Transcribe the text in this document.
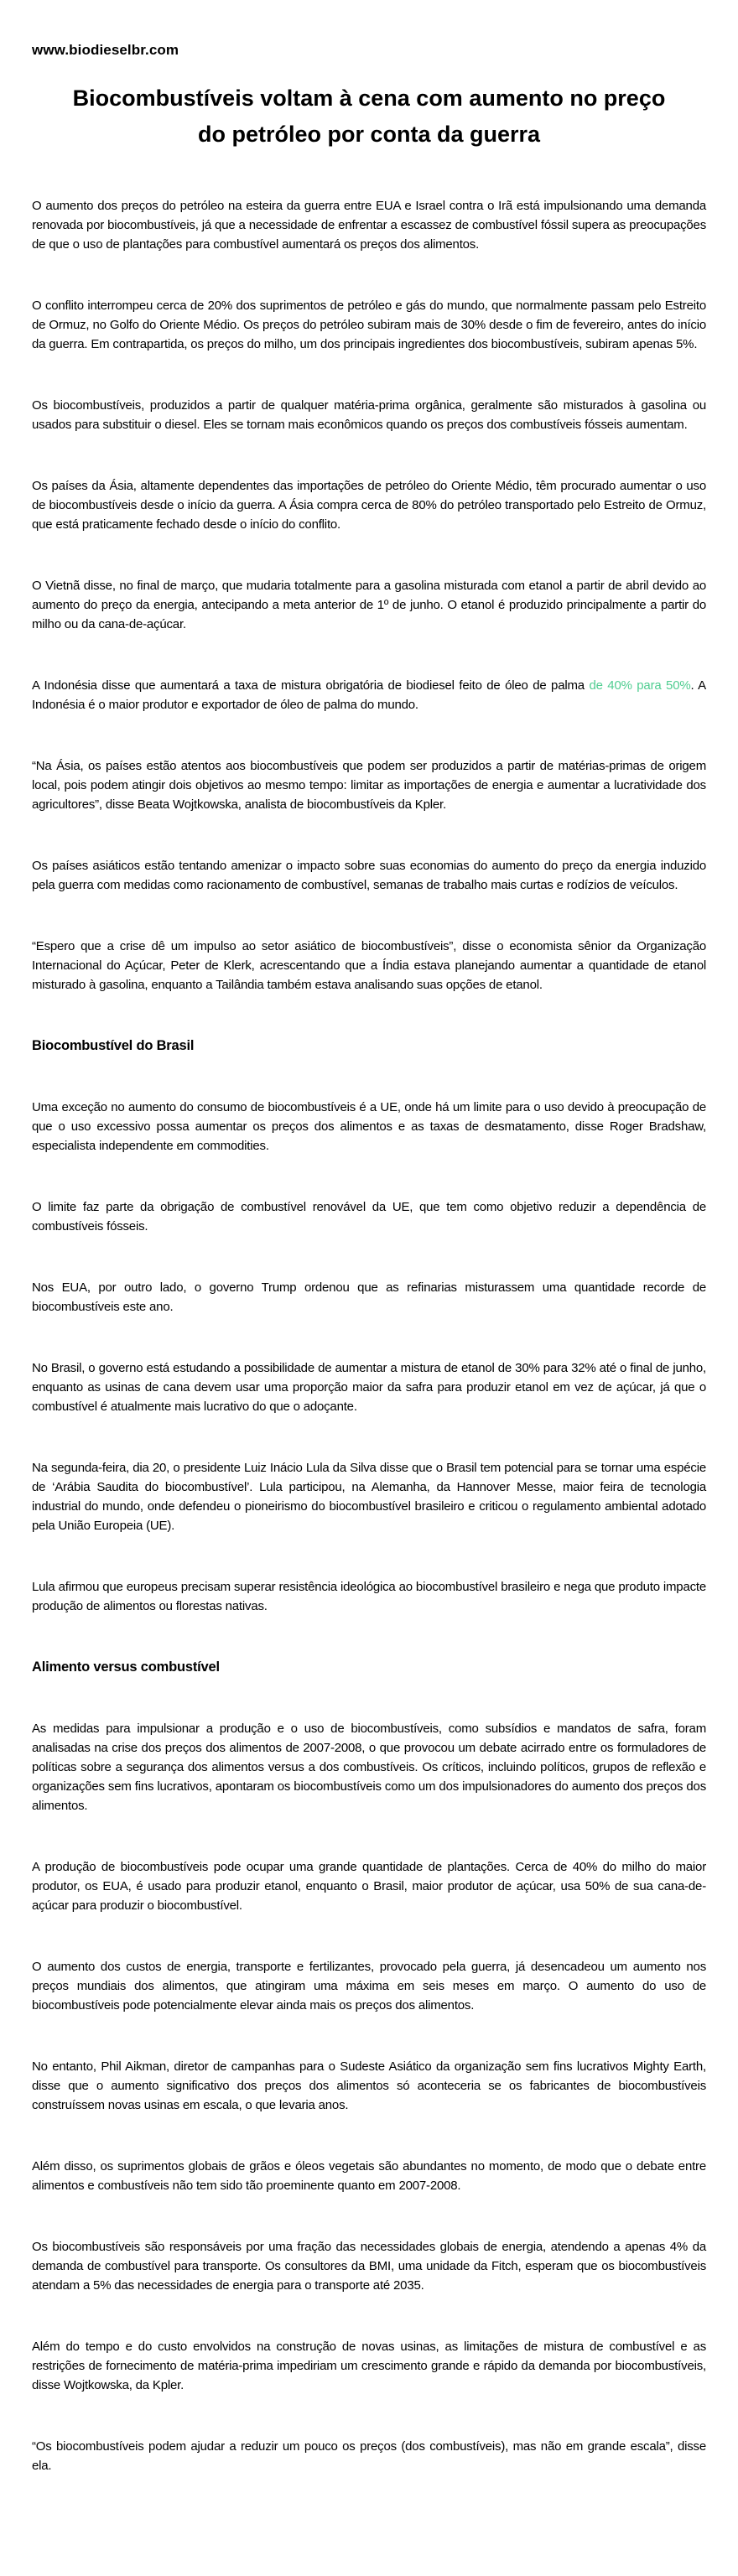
www.biodieselbr.com
Biocombustíveis voltam à cena com aumento no preço do petróleo por conta da guerra

O aumento dos preços do petróleo na esteira da guerra entre EUA e Israel contra o Irã está impulsionando uma demanda renovada por biocombustíveis, já que a necessidade de enfrentar a escassez de combustível fóssil supera as preocupações de que o uso de plantações para combustível aumentará os preços dos alimentos.

O conflito interrompeu cerca de 20% dos suprimentos de petróleo e gás do mundo, que normalmente passam pelo Estreito de Ormuz, no Golfo do Oriente Médio. Os preços do petróleo subiram mais de 30% desde o fim de fevereiro, antes do início da guerra. Em contrapartida, os preços do milho, um dos principais ingredientes dos biocombustíveis, subiram apenas 5%.

Os biocombustíveis, produzidos a partir de qualquer matéria-prima orgânica, geralmente são misturados à gasolina ou usados para substituir o diesel. Eles se tornam mais econômicos quando os preços dos combustíveis fósseis aumentam.

Os países da Ásia, altamente dependentes das importações de petróleo do Oriente Médio, têm procurado aumentar o uso de biocombustíveis desde o início da guerra. A Ásia compra cerca de 80% do petróleo transportado pelo Estreito de Ormuz, que está praticamente fechado desde o início do conflito.

O Vietnã disse, no final de março, que mudaria totalmente para a gasolina misturada com etanol a partir de abril devido ao aumento do preço da energia, antecipando a meta anterior de 1º de junho. O etanol é produzido principalmente a partir do milho ou da cana-de-açúcar.

A Indonésia disse que aumentará a taxa de mistura obrigatória de biodiesel feito de óleo de palma de 40% para 50%. A Indonésia é o maior produtor e exportador de óleo de palma do mundo.

“Na Ásia, os países estão atentos aos biocombustíveis que podem ser produzidos a partir de matérias-primas de origem local, pois podem atingir dois objetivos ao mesmo tempo: limitar as importações de energia e aumentar a lucratividade dos agricultores”, disse Beata Wojtkowska, analista de biocombustíveis da Kpler.

Os países asiáticos estão tentando amenizar o impacto sobre suas economias do aumento do preço da energia induzido pela guerra com medidas como racionamento de combustível, semanas de trabalho mais curtas e rodízios de veículos.

“Espero que a crise dê um impulso ao setor asiático de biocombustíveis”, disse o economista sênior da Organização Internacional do Açúcar, Peter de Klerk, acrescentando que a Índia estava planejando aumentar a quantidade de etanol misturado à gasolina, enquanto a Tailândia também estava analisando suas opções de etanol.

Biocombustível do Brasil

Uma exceção no aumento do consumo de biocombustíveis é a UE, onde há um limite para o uso devido à preocupação de que o uso excessivo possa aumentar os preços dos alimentos e as taxas de desmatamento, disse Roger Bradshaw, especialista independente em commodities.

O limite faz parte da obrigação de combustível renovável da UE, que tem como objetivo reduzir a dependência de combustíveis fósseis.

Nos EUA, por outro lado, o governo Trump ordenou que as refinarias misturassem uma quantidade recorde de biocombustíveis este ano.

No Brasil, o governo está estudando a possibilidade de aumentar a mistura de etanol de 30% para 32% até o final de junho, enquanto as usinas de cana devem usar uma proporção maior da safra para produzir etanol em vez de açúcar, já que o combustível é atualmente mais lucrativo do que o adoçante.

Na segunda-feira, dia 20, o presidente Luiz Inácio Lula da Silva disse que o Brasil tem potencial para se tornar uma espécie de ‘Arábia Saudita do biocombustível’. Lula participou, na Alemanha, da Hannover Messe, maior feira de tecnologia industrial do mundo, onde defendeu o pioneirismo do biocombustível brasileiro e criticou o regulamento ambiental adotado pela União Europeia (UE).

Lula afirmou que europeus precisam superar resistência ideológica ao biocombustível brasileiro e nega que produto impacte produção de alimentos ou florestas nativas.

Alimento versus combustível

As medidas para impulsionar a produção e o uso de biocombustíveis, como subsídios e mandatos de safra, foram analisadas na crise dos preços dos alimentos de 2007-2008, o que provocou um debate acirrado entre os formuladores de políticas sobre a segurança dos alimentos versus a dos combustíveis. Os críticos, incluindo políticos, grupos de reflexão e organizações sem fins lucrativos, apontaram os biocombustíveis como um dos impulsionadores do aumento dos preços dos alimentos.

A produção de biocombustíveis pode ocupar uma grande quantidade de plantações. Cerca de 40% do milho do maior produtor, os EUA, é usado para produzir etanol, enquanto o Brasil, maior produtor de açúcar, usa 50% de sua cana-de-açúcar para produzir o biocombustível.

O aumento dos custos de energia, transporte e fertilizantes, provocado pela guerra, já desencadeou um aumento nos preços mundiais dos alimentos, que atingiram uma máxima em seis meses em março. O aumento do uso de biocombustíveis pode potencialmente elevar ainda mais os preços dos alimentos.

No entanto, Phil Aikman, diretor de campanhas para o Sudeste Asiático da organização sem fins lucrativos Mighty Earth, disse que o aumento significativo dos preços dos alimentos só aconteceria se os fabricantes de biocombustíveis construíssem novas usinas em escala, o que levaria anos.

Além disso, os suprimentos globais de grãos e óleos vegetais são abundantes no momento, de modo que o debate entre alimentos e combustíveis não tem sido tão proeminente quanto em 2007-2008.

Os biocombustíveis são responsáveis por uma fração das necessidades globais de energia, atendendo a apenas 4% da demanda de combustível para transporte. Os consultores da BMI, uma unidade da Fitch, esperam que os biocombustíveis atendam a 5% das necessidades de energia para o transporte até 2035.

Além do tempo e do custo envolvidos na construção de novas usinas, as limitações de mistura de combustível e as restrições de fornecimento de matéria-prima impediriam um crescimento grande e rápido da demanda por biocombustíveis, disse Wojtkowska, da Kpler.

“Os biocombustíveis podem ajudar a reduzir um pouco os preços (dos combustíveis), mas não em grande escala”, disse ela.
